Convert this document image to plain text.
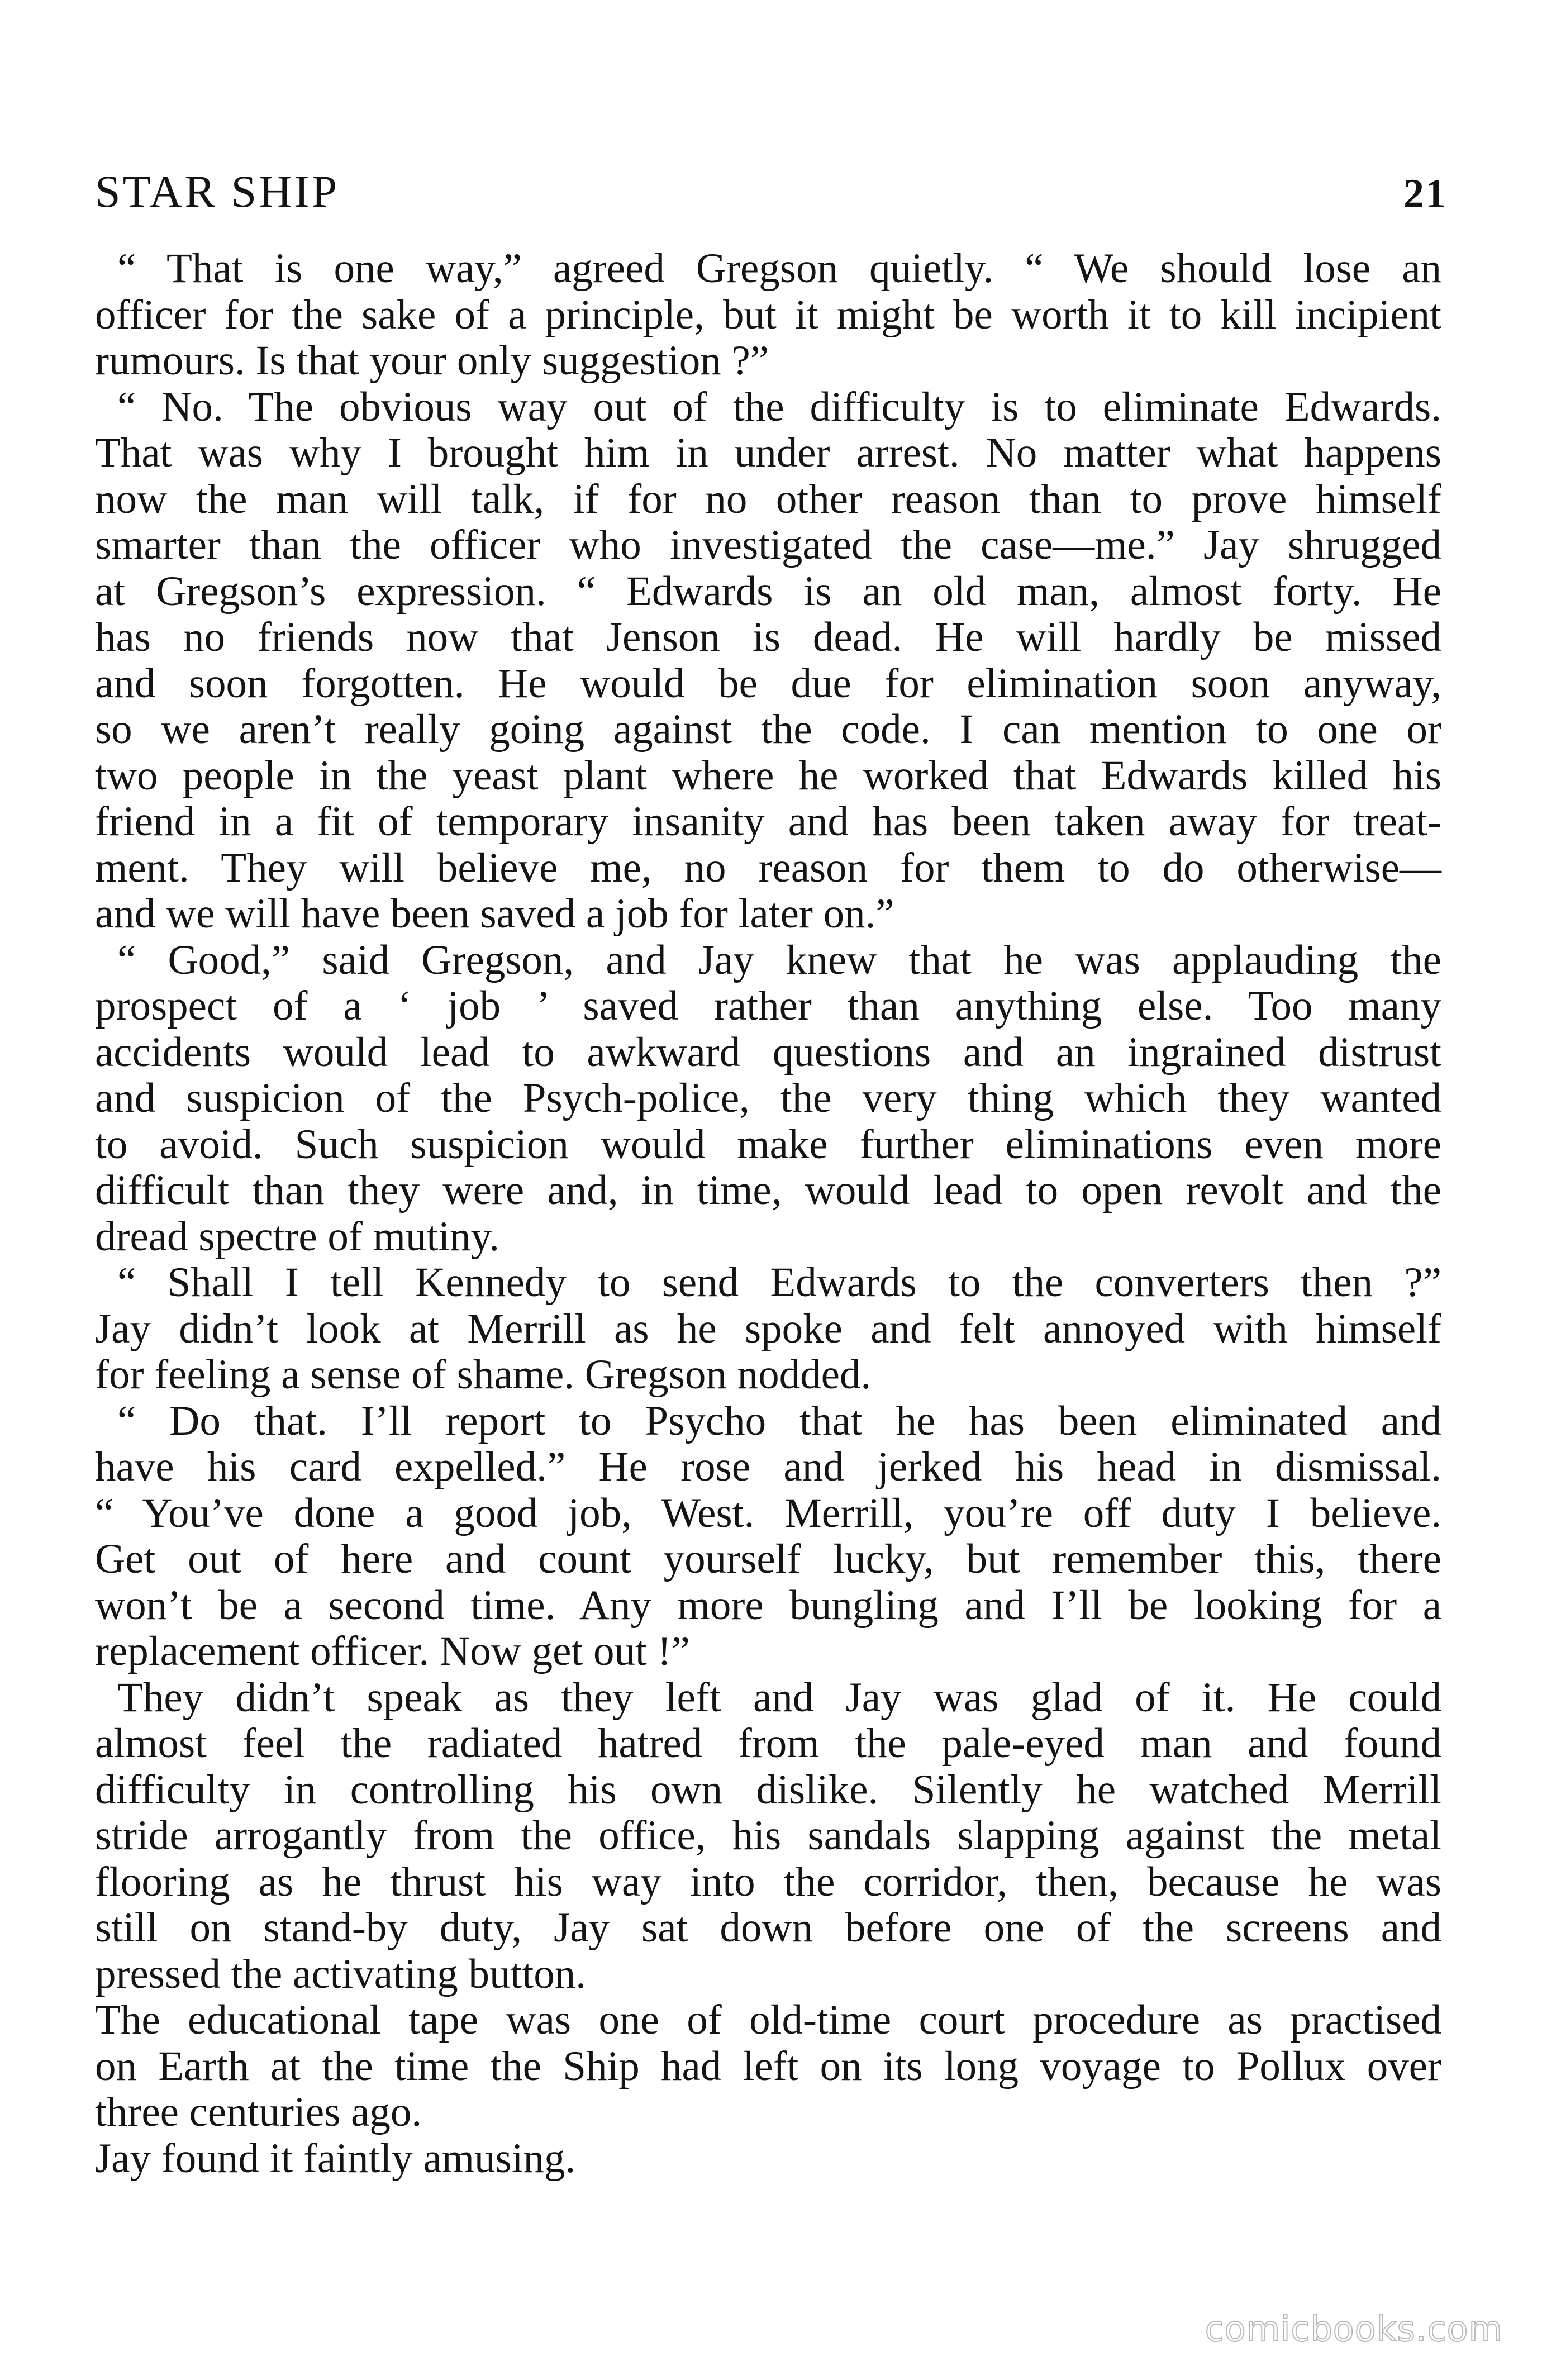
STAR SHIP	21
“ That is one way,” agreed Gregson quietly. “ We should lose an
officer for the sake of a principle, but it might be worth it to kill incipient
rumours. Is that your only suggestion ?”
“ No. The obvious way out of the difficulty is to eliminate Edwards.
That was why I brought him in under arrest. No matter what happens
now the man will talk, if for no other reason than to prove himself
smarter than the officer who investigated the case—me.” Jay shrugged
at Gregson’s expression. “ Edwards is an old man, almost forty. He
has no friends now that Jenson is dead. He will hardly be missed
and soon forgotten. He would be due for elimination soon anyway,
so we aren’t really going against the code. I can mention to one or
two people in the yeast plant where he worked that Edwards killed his
friend in a fit of temporary insanity and has been taken away for treat-
ment. They will believe me, no reason for them to do otherwise—
and we will have been saved a job for later on.”
“ Good,” said Gregson, and Jay knew that he was applauding the
prospect of a ‘ job ’ saved rather than anything else. Too many
accidents would lead to awkward questions and an ingrained distrust
and suspicion of the Psych-police, the very thing which they wanted
to avoid. Such suspicion would make further eliminations even more
difficult than they were and, in time, would lead to open revolt and the
dread spectre of mutiny.
“ Shall I tell Kennedy to send Edwards to the converters then ?”
Jay didn’t look at Merrill as he spoke and felt annoyed with himself
for feeling a sense of shame. Gregson nodded.
“ Do that. I’ll report to Psycho that he has been eliminated and
have his card expelled.” He rose and jerked his head in dismissal.
“ You’ve done a good job, West. Merrill, you’re off duty I believe.
Get out of here and count yourself lucky, but remember this, there
won’t be a second time. Any more bungling and I’ll be looking for a
replacement officer. Now get out !”
They didn’t speak as they left and Jay was glad of it. He could
almost feel the radiated hatred from the pale-eyed man and found
difficulty in controlling his own dislike. Silently he watched Merrill
stride arrogantly from the office, his sandals slapping against the metal
flooring as he thrust his way into the corridor, then, because he was
still on stand-by duty, Jay sat down before one of the screens and
pressed the activating button.
The educational tape was one of old-time court procedure as practised
on Earth at the time the Ship had left on its long voyage to Pollux over
three centuries ago.
Jay found it faintly amusing.
comicbooks.com
